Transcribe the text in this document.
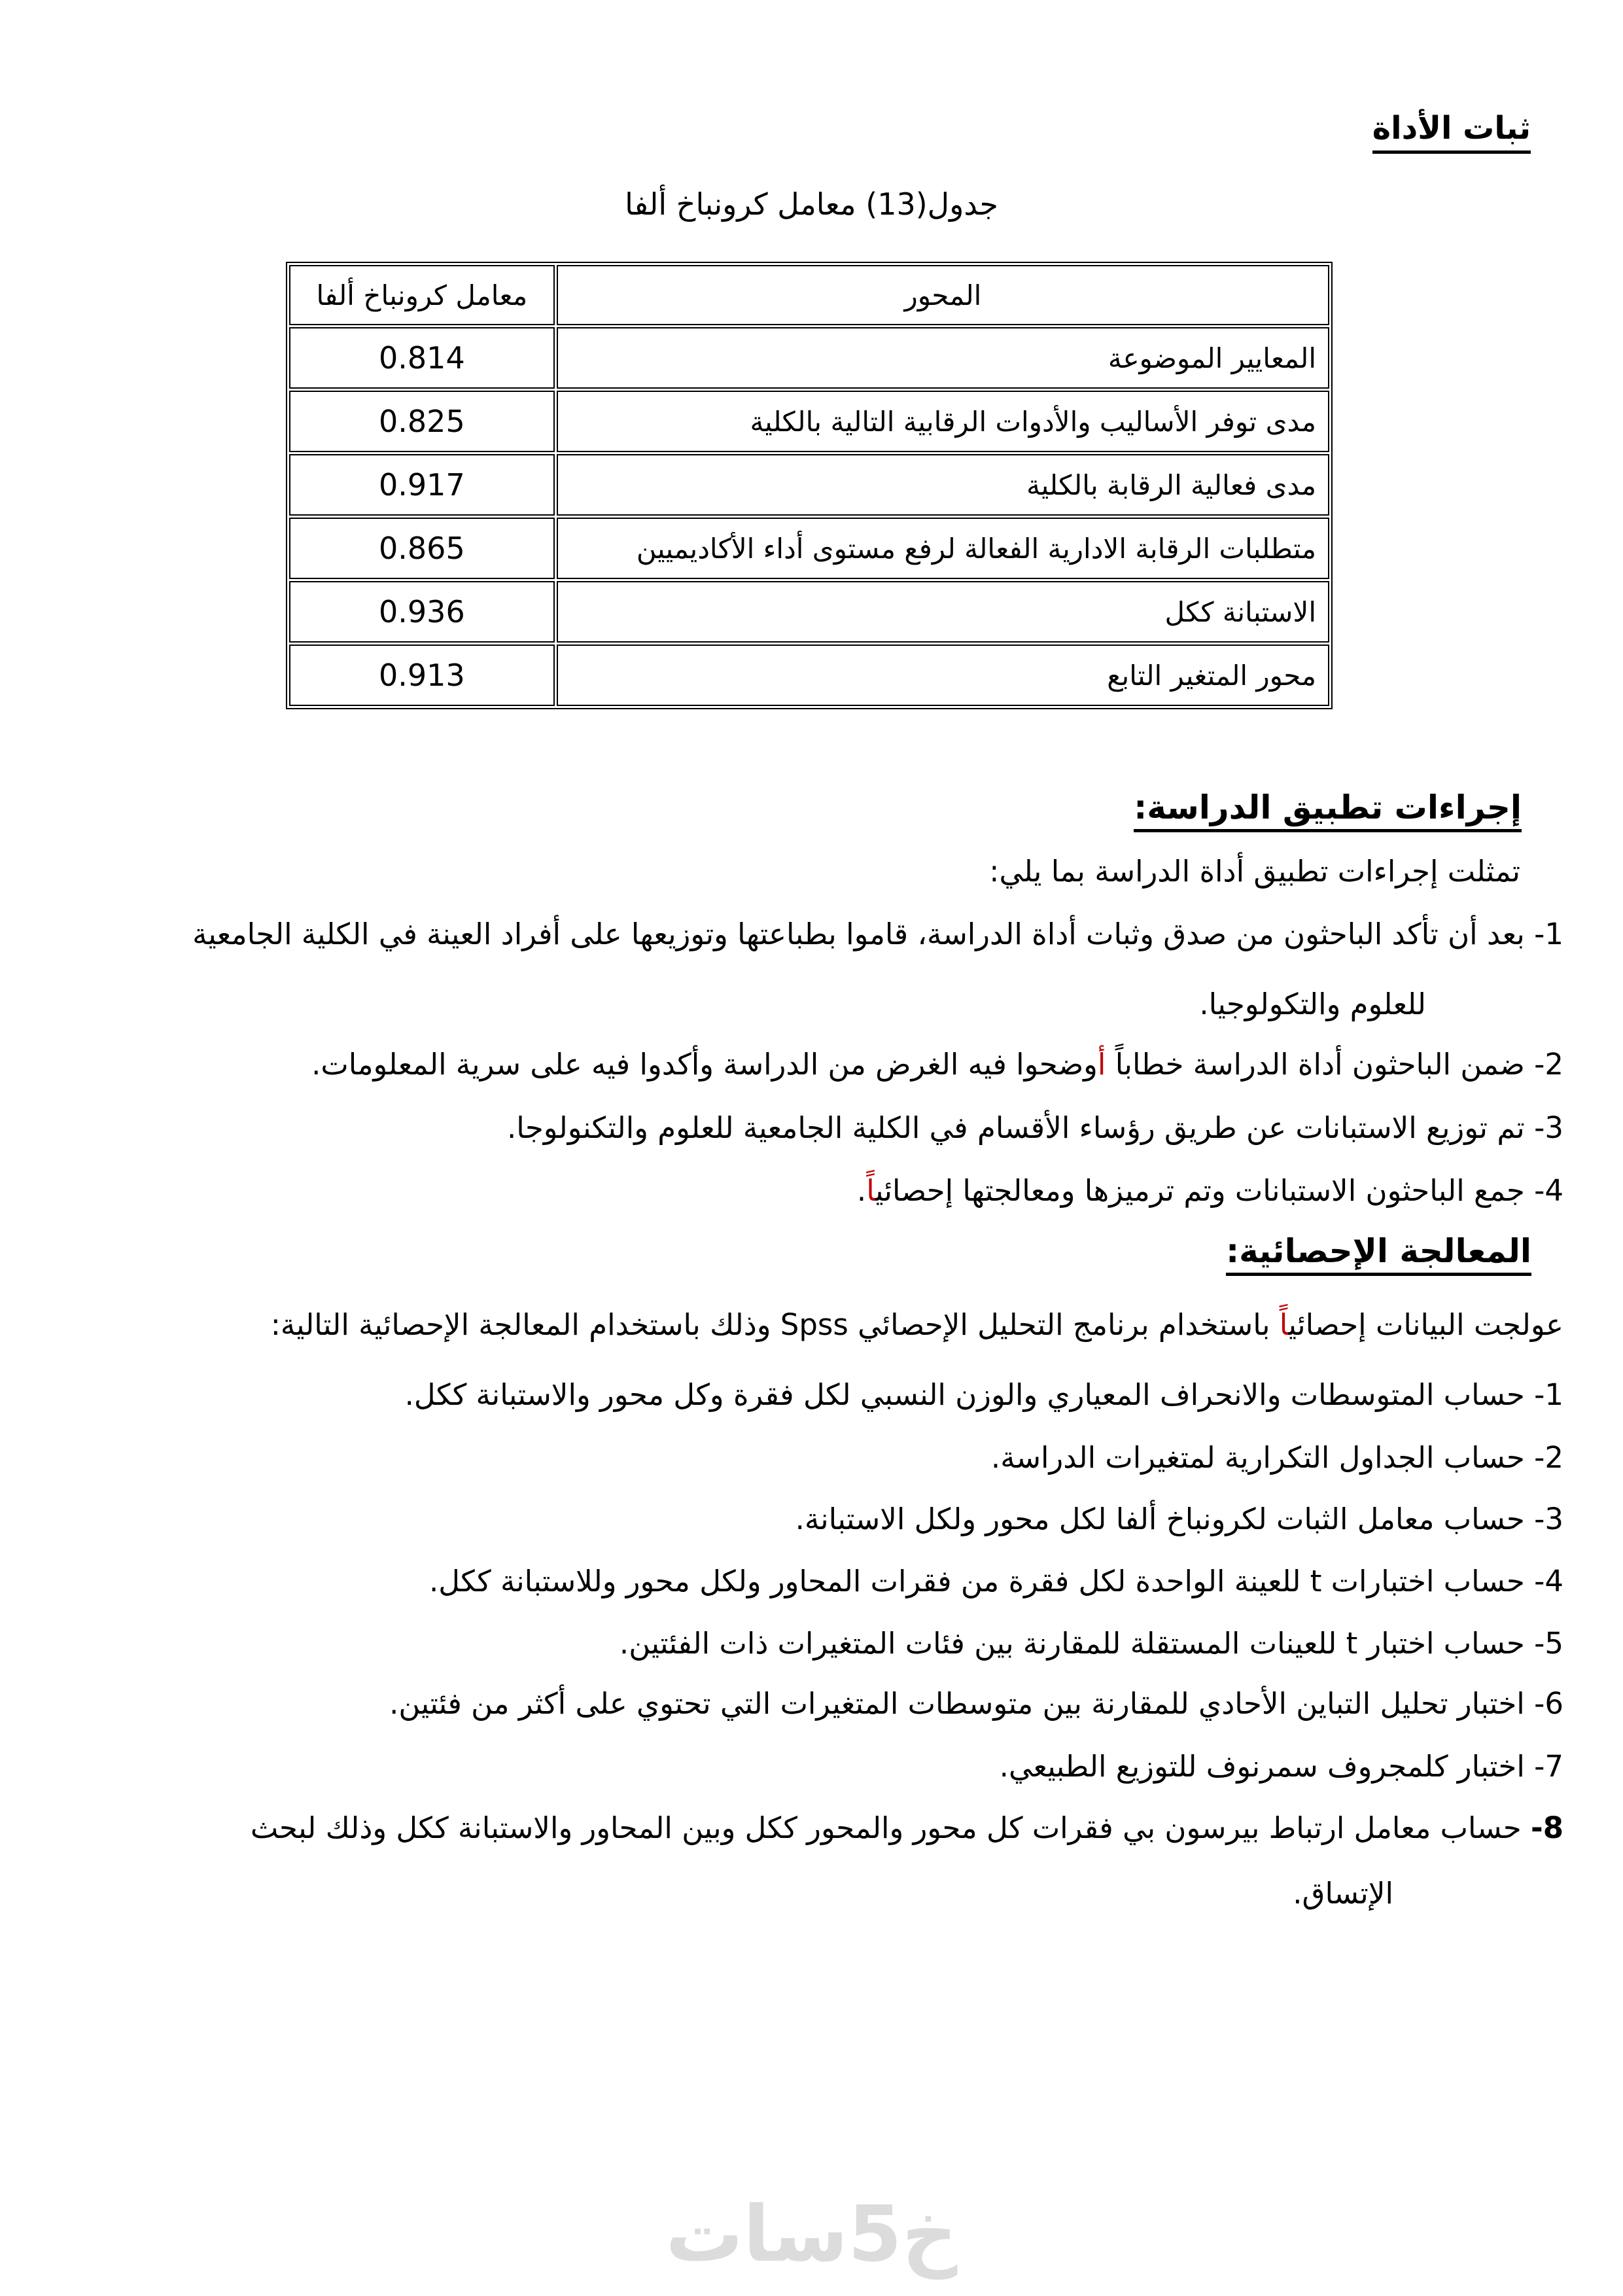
ثبات الأداة
جدول(13) معامل كرونباخ ألفا
المحور	معامل كرونباخ ألفا
المعايير الموضوعة	0.814
مدى توفر الأساليب والأدوات الرقابية التالية بالكلية	0.825
مدى فعالية الرقابة بالكلية	0.917
متطلبات الرقابة الادارية الفعالة لرفع مستوى أداء الأكاديميين	0.865
الاستبانة ككل	0.936
محور المتغير التابع	0.913
إجراءات تطبيق الدراسة:
تمثلت إجراءات تطبيق أداة الدراسة بما يلي:
1- بعد أن تأكد الباحثون من صدق وثبات أداة الدراسة، قاموا بطباعتها وتوزيعها على أفراد العينة في الكلية الجامعية
للعلوم والتكولوجيا.
2- ضمن الباحثون أداة الدراسة خطاباً أوضحوا فيه الغرض من الدراسة وأكدوا فيه على سرية المعلومات.
3- تم توزيع الاستبانات عن طريق رؤساء الأقسام في الكلية الجامعية للعلوم والتكنولوجا.
4- جمع الباحثون الاستبانات وتم ترميزها ومعالجتها إحصائياً.
المعالجة الإحصائية:
عولجت البيانات إحصائياً باستخدام برنامج التحليل الإحصائي Spss وذلك باستخدام المعالجة الإحصائية التالية:
1- حساب المتوسطات والانحراف المعياري والوزن النسبي لكل فقرة وكل محور والاستبانة ككل.
2- حساب الجداول التكرارية لمتغيرات الدراسة.
3- حساب معامل الثبات لكرونباخ ألفا لكل محور ولكل الاستبانة.
4- حساب اختبارات t للعينة الواحدة لكل فقرة من فقرات المحاور ولكل محور وللاستبانة ككل.
5- حساب اختبار t للعينات المستقلة للمقارنة بين فئات المتغيرات ذات الفئتين.
6- اختبار تحليل التباين الأحادي للمقارنة بين متوسطات المتغيرات التي تحتوي على أكثر من فئتين.
7- اختبار كلمجروف سمرنوف للتوزيع الطبيعي.
8- حساب معامل ارتباط بيرسون بي فقرات كل محور والمحور ككل وبين المحاور والاستبانة ككل وذلك لبحث
الإتساق.
خ5سات
